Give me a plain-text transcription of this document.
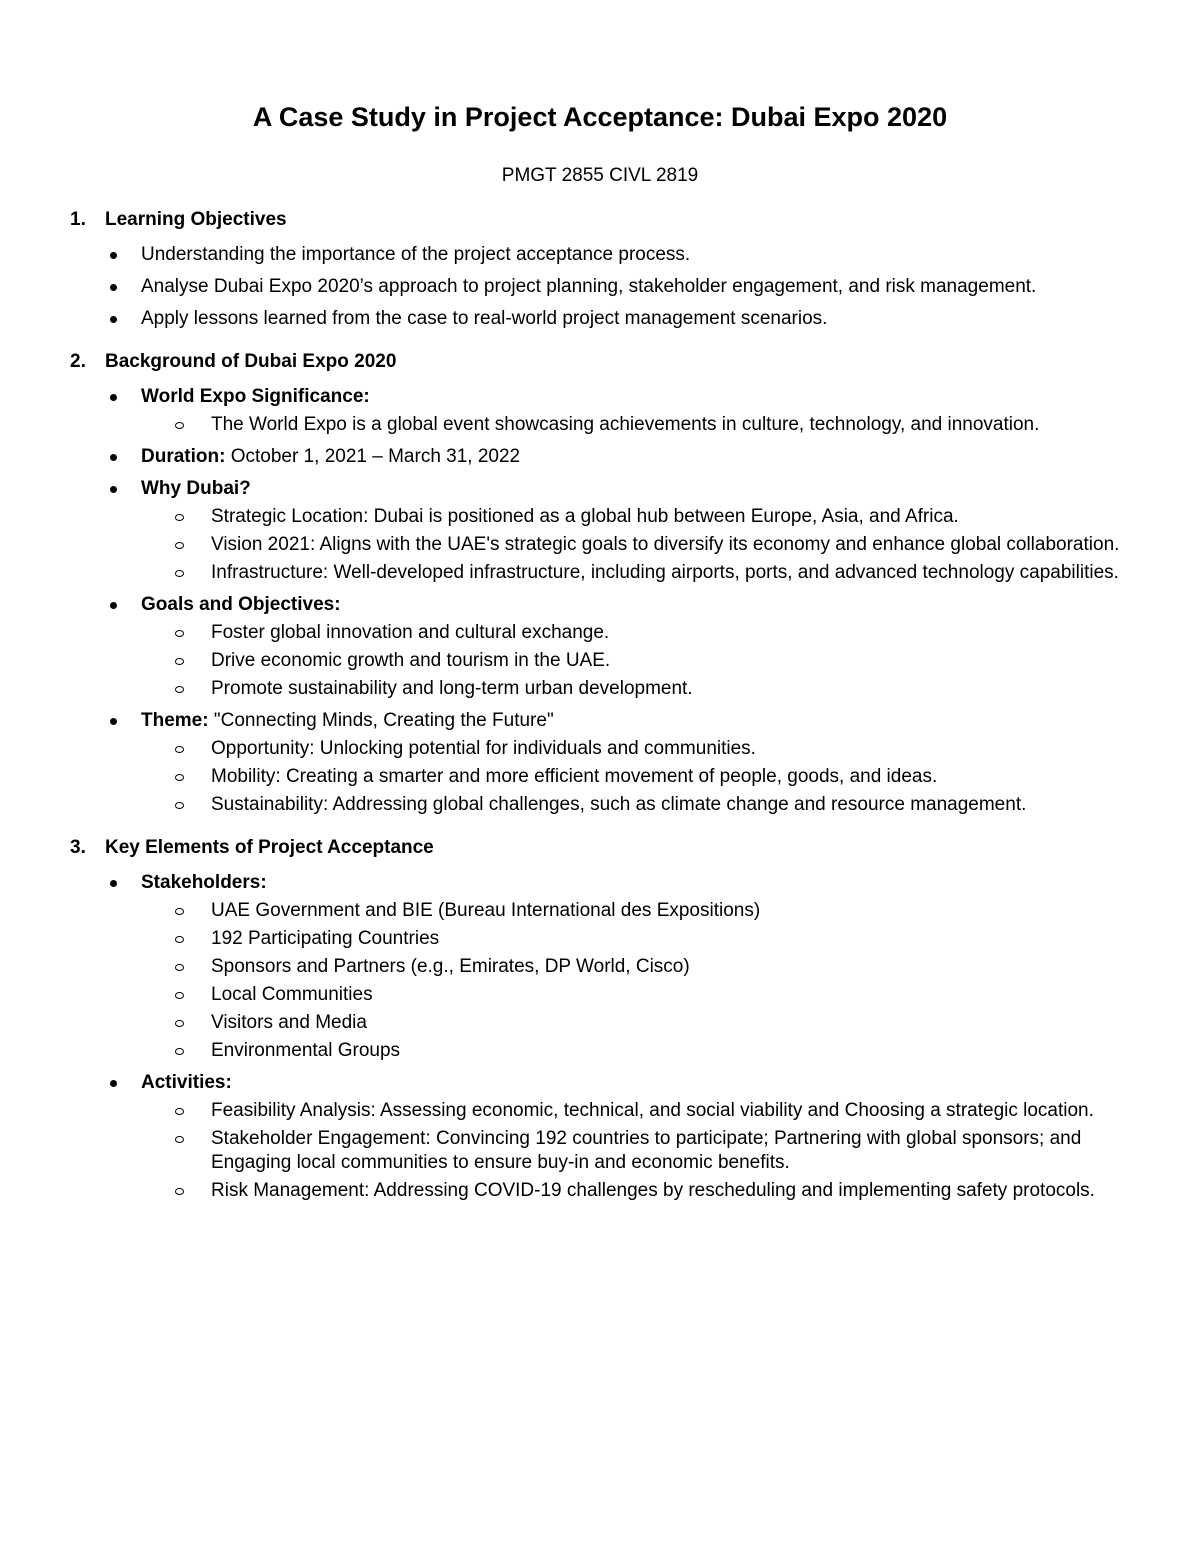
A Case Study in Project Acceptance: Dubai Expo 2020
PMGT 2855 CIVL 2819
1. Learning Objectives
Understanding the importance of the project acceptance process.
Analyse Dubai Expo 2020’s approach to project planning, stakeholder engagement, and risk management.
Apply lessons learned from the case to real-world project management scenarios.
2. Background of Dubai Expo 2020
World Expo Significance:
The World Expo is a global event showcasing achievements in culture, technology, and innovation.
Duration: October 1, 2021 – March 31, 2022
Why Dubai?
Strategic Location: Dubai is positioned as a global hub between Europe, Asia, and Africa.
Vision 2021: Aligns with the UAE's strategic goals to diversify its economy and enhance global collaboration.
Infrastructure: Well-developed infrastructure, including airports, ports, and advanced technology capabilities.
Goals and Objectives:
Foster global innovation and cultural exchange.
Drive economic growth and tourism in the UAE.
Promote sustainability and long-term urban development.
Theme: "Connecting Minds, Creating the Future"
Opportunity: Unlocking potential for individuals and communities.
Mobility: Creating a smarter and more efficient movement of people, goods, and ideas.
Sustainability: Addressing global challenges, such as climate change and resource management.
3. Key Elements of Project Acceptance
Stakeholders:
UAE Government and BIE (Bureau International des Expositions)
192 Participating Countries
Sponsors and Partners (e.g., Emirates, DP World, Cisco)
Local Communities
Visitors and Media
Environmental Groups
Activities:
Feasibility Analysis: Assessing economic, technical, and social viability and Choosing a strategic location.
Stakeholder Engagement: Convincing 192 countries to participate; Partnering with global sponsors; and Engaging local communities to ensure buy-in and economic benefits.
Risk Management: Addressing COVID-19 challenges by rescheduling and implementing safety protocols.
